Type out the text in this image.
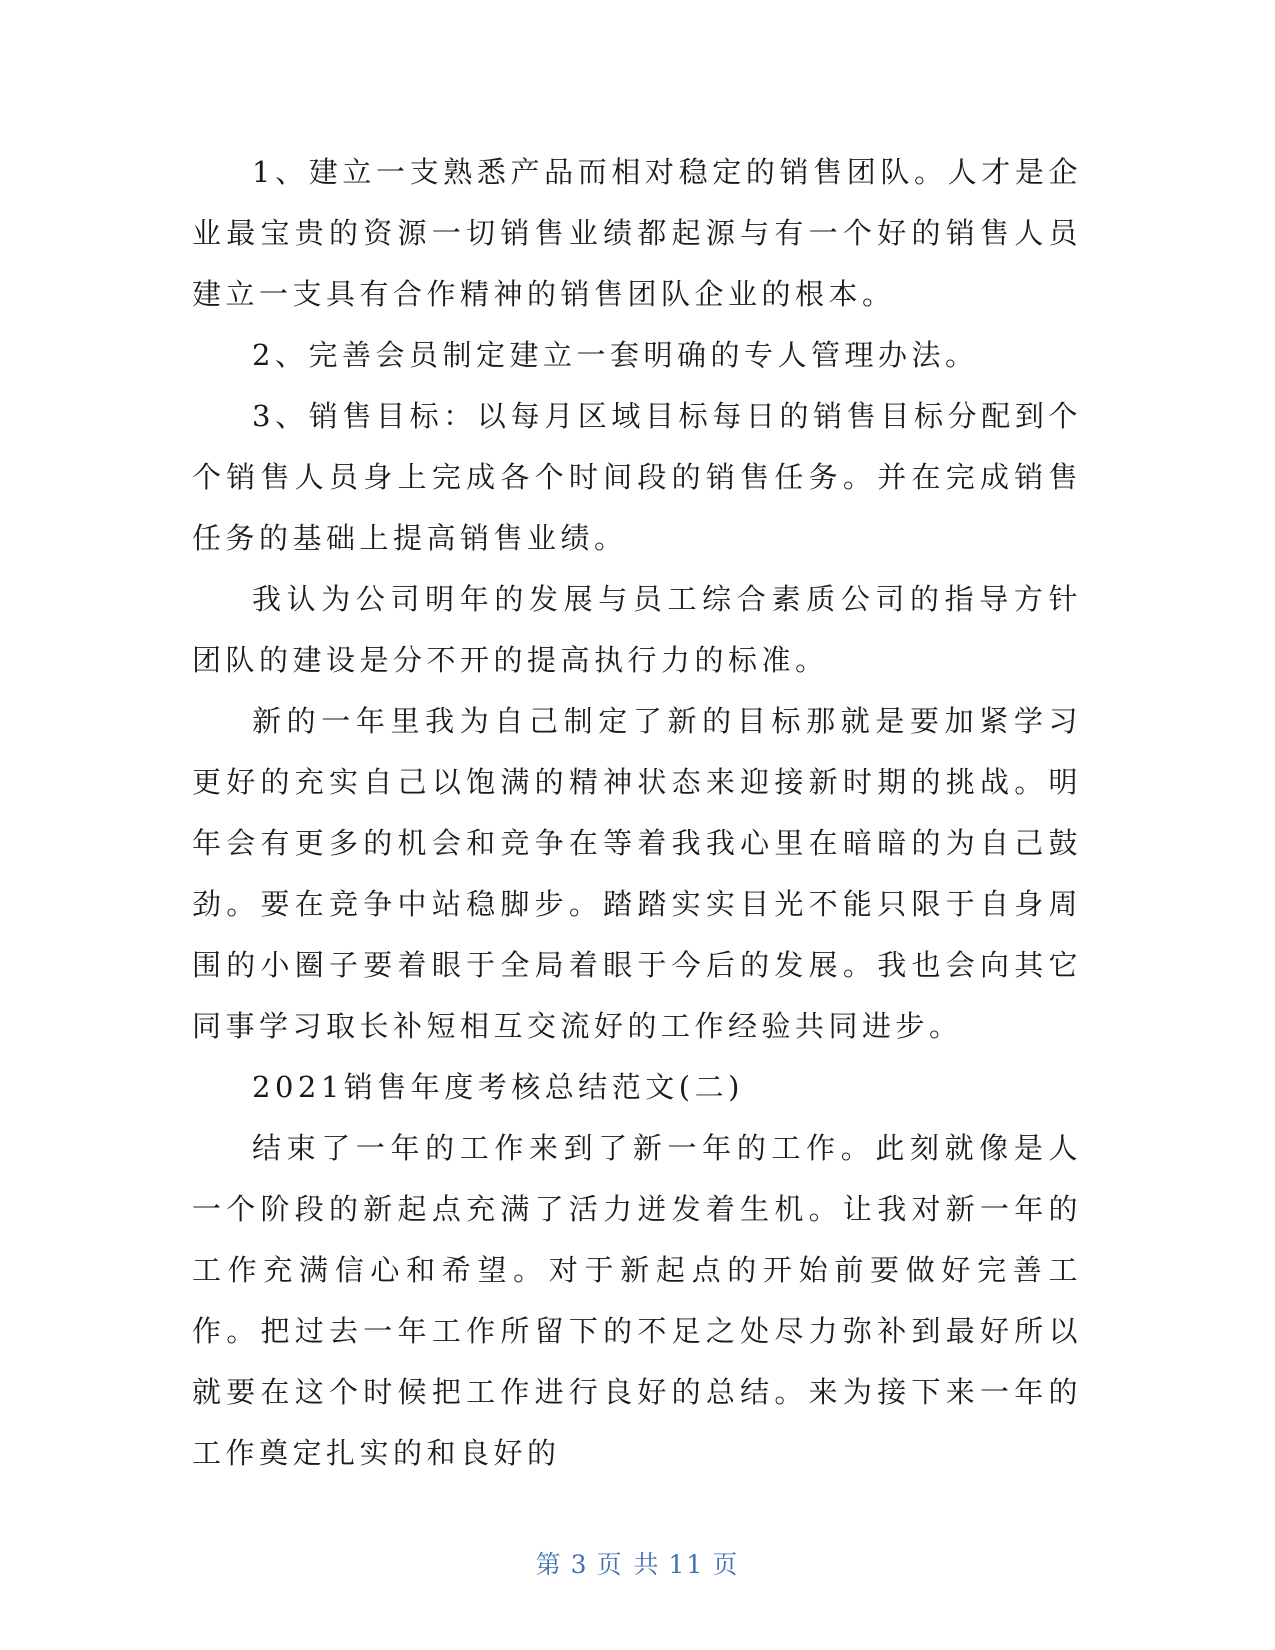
1、建立一支熟悉产品而相对稳定的销售团队。人才是企业最宝贵的资源一切销售业绩都起源与有一个好的销售人员建立一支具有合作精神的销售团队企业的根本。

2、完善会员制定建立一套明确的专人管理办法。

3、销售目标：以每月区域目标每日的销售目标分配到个个销售人员身上完成各个时间段的销售任务。并在完成销售任务的基础上提高销售业绩。

我认为公司明年的发展与员工综合素质公司的指导方针团队的建设是分不开的提高执行力的标准。

新的一年里我为自己制定了新的目标那就是要加紧学习更好的充实自己以饱满的精神状态来迎接新时期的挑战。明年会有更多的机会和竞争在等着我我心里在暗暗的为自己鼓劲。要在竞争中站稳脚步。踏踏实实目光不能只限于自身周围的小圈子要着眼于全局着眼于今后的发展。我也会向其它同事学习取长补短相互交流好的工作经验共同进步。

2021销售年度考核总结范文(二)

结束了一年的工作来到了新一年的工作。此刻就像是人一个阶段的新起点充满了活力迸发着生机。让我对新一年的工作充满信心和希望。对于新起点的开始前要做好完善工作。把过去一年工作所留下的不足之处尽力弥补到最好所以就要在这个时候把工作进行良好的总结。来为接下来一年的工作奠定扎实的和良好的

第 3 页 共 11 页
